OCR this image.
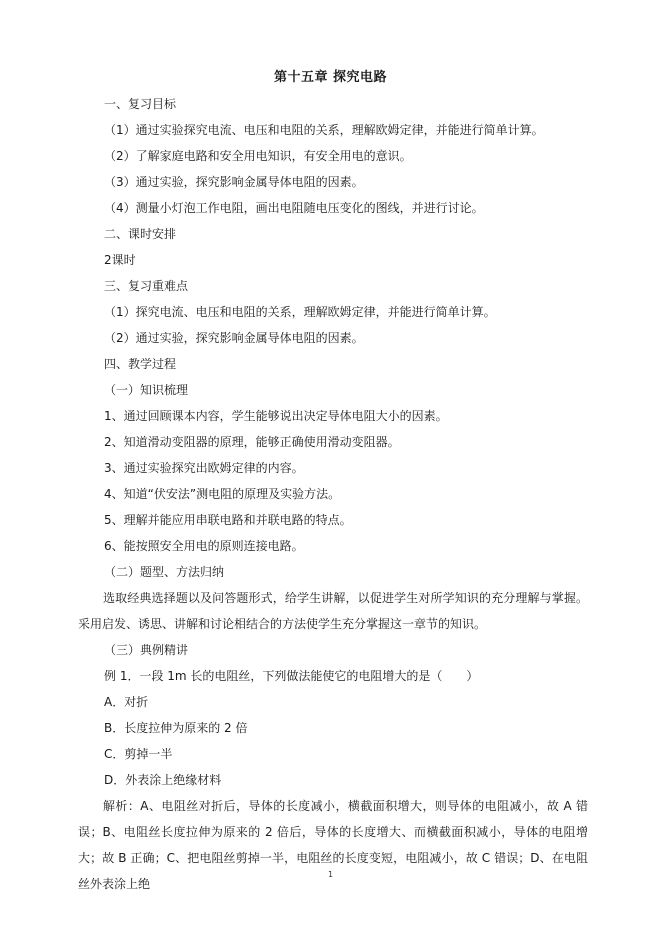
第十五章 探究电路
一、复习目标
（1）通过实验探究电流、电压和电阻的关系，理解欧姆定律，并能进行简单计算。
（2）了解家庭电路和安全用电知识，有安全用电的意识。
（3）通过实验，探究影响金属导体电阻的因素。
（4）测量小灯泡工作电阻，画出电阻随电压变化的图线，并进行讨论。
二、课时安排
2课时
三、复习重难点
（1）探究电流、电压和电阻的关系，理解欧姆定律，并能进行简单计算。
（2）通过实验，探究影响金属导体电阻的因素。
四、教学过程
（一）知识梳理
1、通过回顾课本内容，学生能够说出决定导体电阻大小的因素。
2、知道滑动变阻器的原理，能够正确使用滑动变阻器。
3、通过实验探究出欧姆定律的内容。
4、知道“伏安法”测电阻的原理及实验方法。
5、理解并能应用串联电路和并联电路的特点。
6、能按照安全用电的原则连接电路。
（二）题型、方法归纳
选取经典选择题以及问答题形式，给学生讲解，以促进学生对所学知识的充分理解与掌握。采用启发、诱思、讲解和讨论相结合的方法使学生充分掌握这一章节的知识。
（三）典例精讲
例 1．一段 1m 长的电阻丝，下列做法能使它的电阻增大的是（　　）
A．对折
B．长度拉伸为原来的 2 倍
C．剪掉一半
D．外表涂上绝缘材料
解析：A、电阻丝对折后，导体的长度减小，横截面积增大，则导体的电阻减小，故 A 错误；B、电阻丝长度拉伸为原来的 2 倍后，导体的长度增大、而横截面积减小，导体的电阻增大；故 B 正确；C、把电阻丝剪掉一半，电阻丝的长度变短，电阻减小，故 C 错误；D、在电阻丝外表涂上绝
1
